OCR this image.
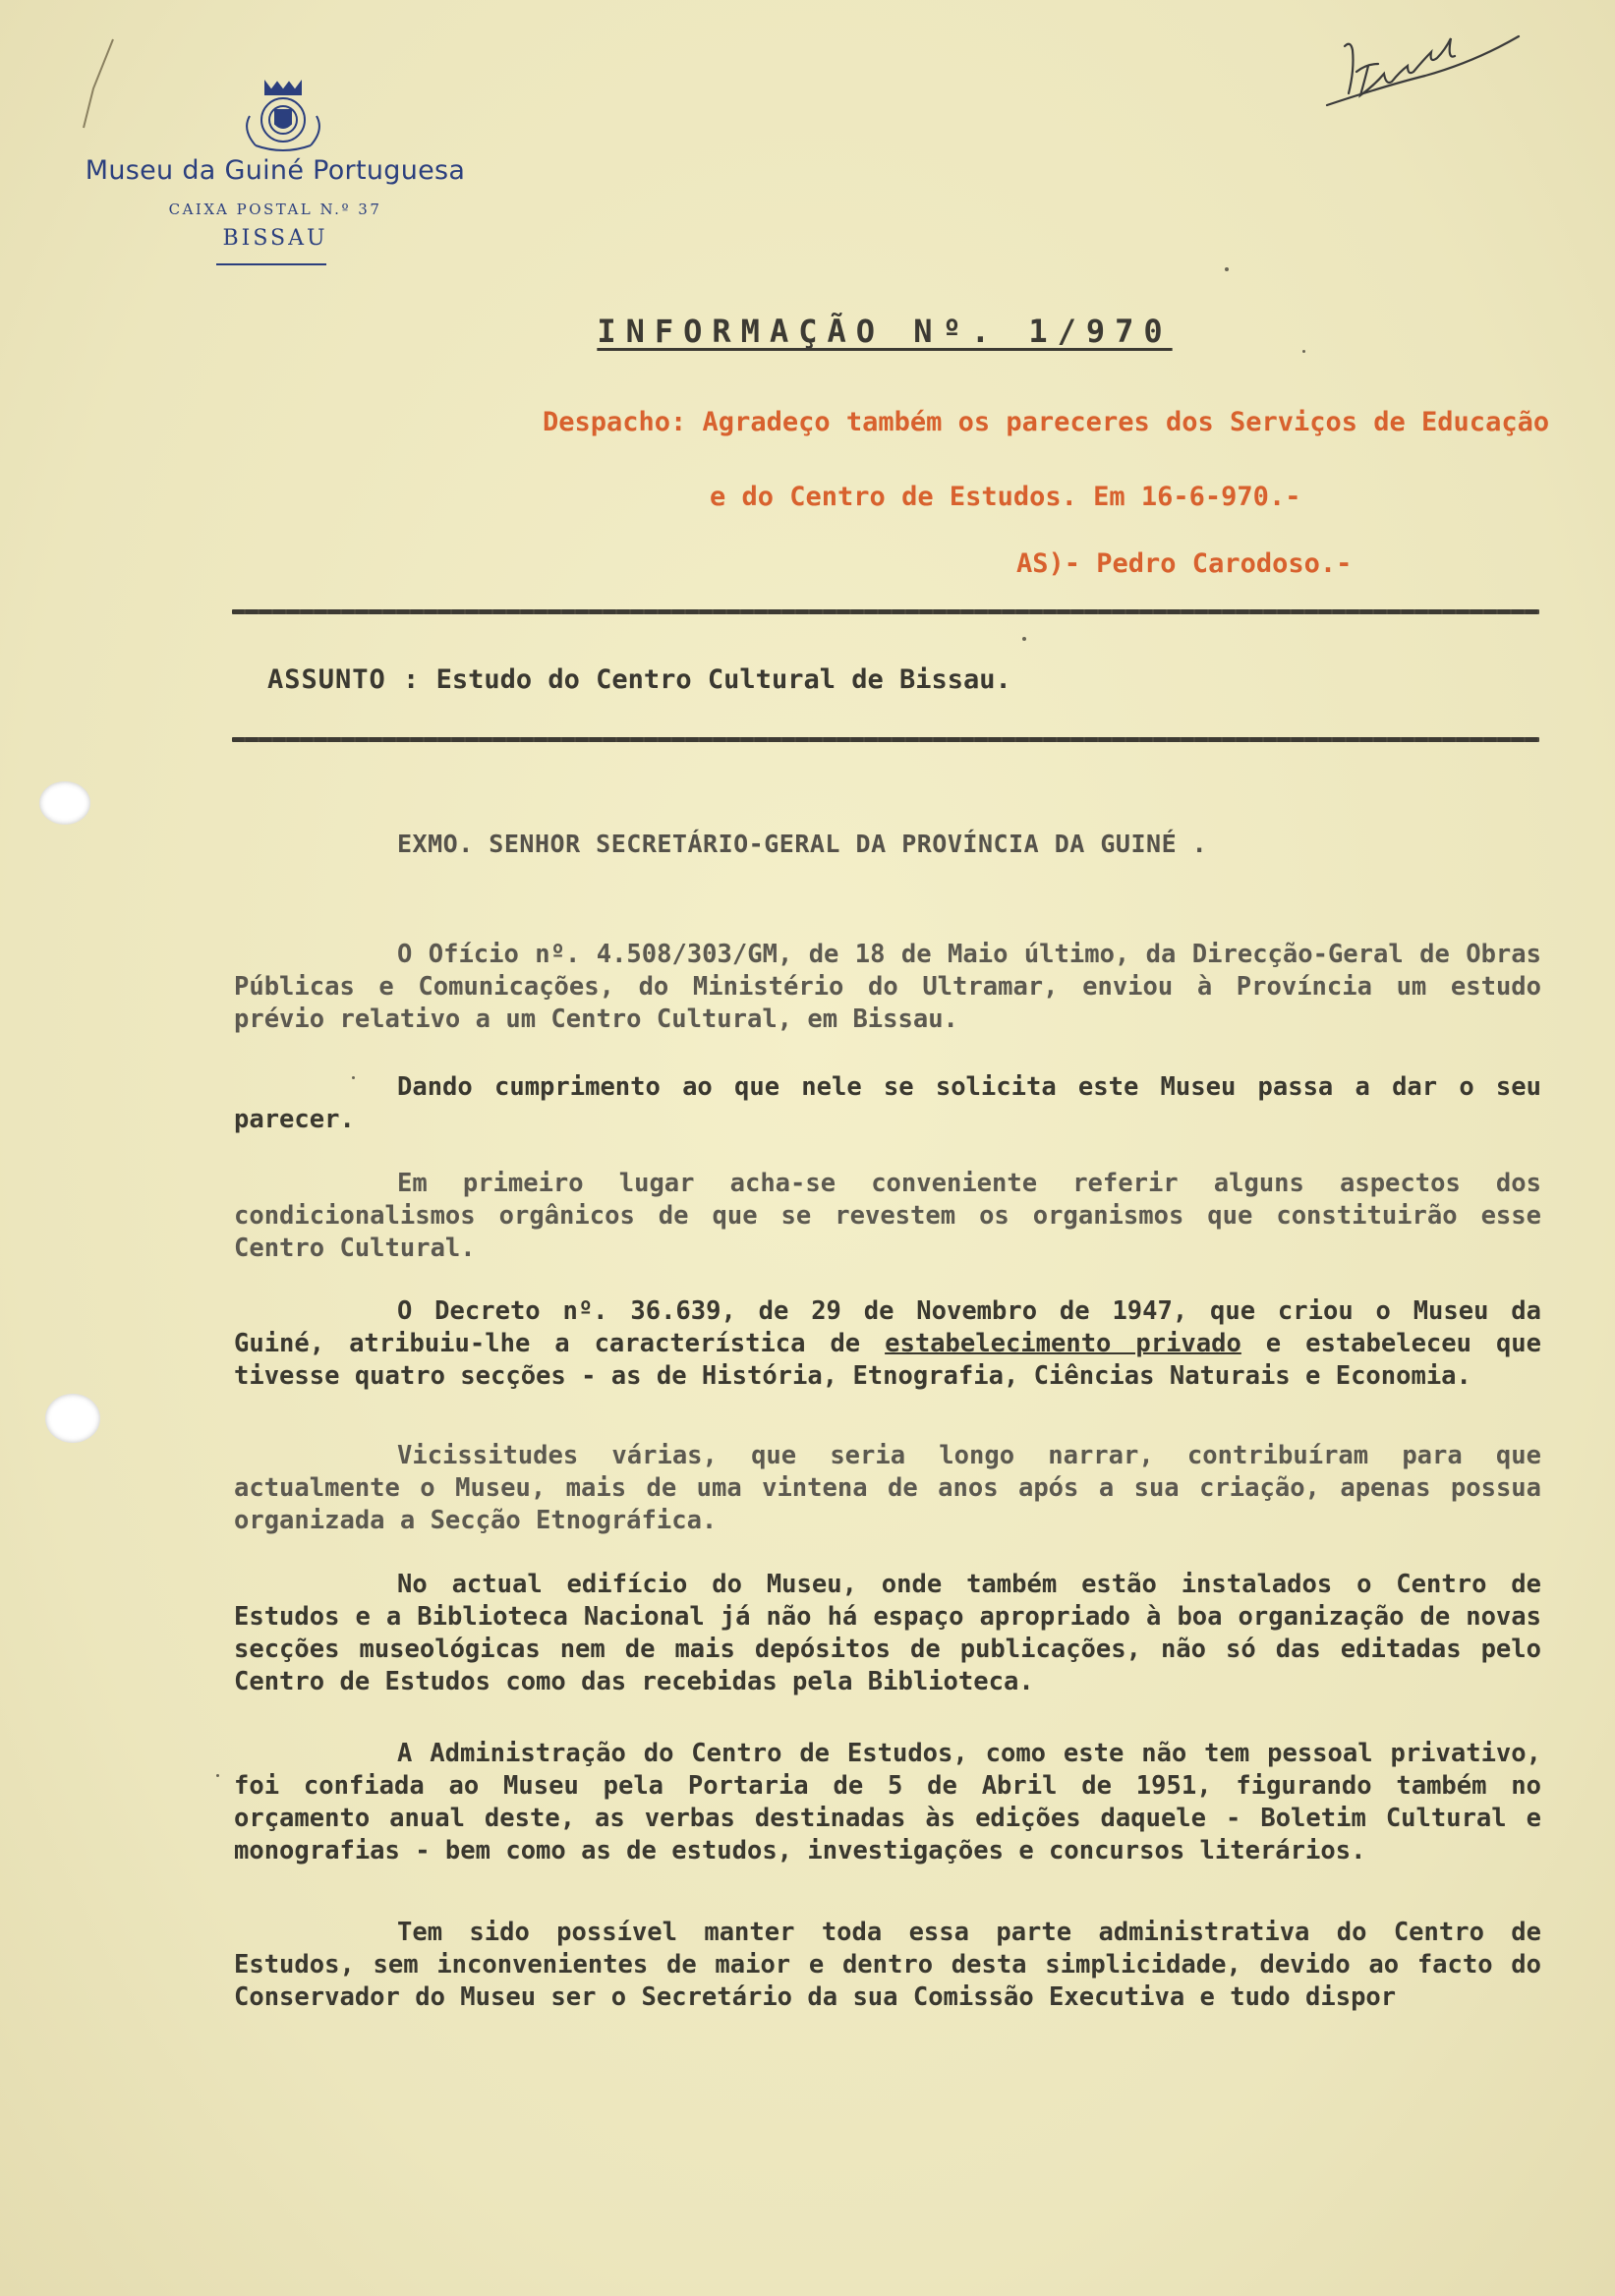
Museu da Guiné Portuguesa
CAIXA POSTAL N.º 37
BISSAU
INFORMAÇÃO Nº. 1/970
Despacho: Agradeço também os pareceres dos Serviços de Educação
e do Centro de Estudos. Em 16-6-970.-
AS)- Pedro Carodoso.-
ASSUNTO : Estudo do Centro Cultural de Bissau.
EXMO. SENHOR SECRETÁRIO-GERAL DA PROVÍNCIA DA GUINÉ .

O Ofício nº. 4.508/303/GM, de 18 de Maio último, da Direcção-Geral de Obras Públicas e Comunicações, do Ministério do Ultramar, enviou à Província um estudo prévio relativo a um Centro Cultural, em Bissau.

Dando cumprimento ao que nele se solicita este Museu passa a dar o seu parecer.

Em primeiro lugar acha-se conveniente referir alguns aspectos dos condicionalismos orgânicos de que se revestem os organismos que constituirão esse Centro Cultural.

O Decreto nº. 36.639, de 29 de Novembro de 1947, que criou o Museu da Guiné, atribuiu-lhe a característica de estabelecimento privado e estabeleceu que tivesse quatro secções - as de História, Etnografia, Ciências Naturais e Economia.

Vicissitudes várias, que seria longo narrar, contribuíram para que actualmente o Museu, mais de uma vintena de anos após a sua criação, apenas possua organizada a Secção Etnográfica.

No actual edifício do Museu, onde também estão instalados o Centro de Estudos e a Biblioteca Nacional já não há espaço apropriado à boa organização de novas secções museológicas nem de mais depósitos de publicações, não só das editadas pelo Centro de Estudos como das recebidas pela Biblioteca.

A Administração do Centro de Estudos, como este não tem pessoal privativo, foi confiada ao Museu pela Portaria de 5 de Abril de 1951, figurando também no orçamento anual deste, as verbas destinadas às edições daquele - Boletim Cultural e monografias - bem como as de estudos, investigações e concursos literários.

Tem sido possível manter toda essa parte administrativa do Centro de Estudos, sem inconvenientes de maior e dentro desta simplicidade, devido ao facto do Conservador do Museu ser o Secretário da sua Comissão Executiva e tudo dispor
